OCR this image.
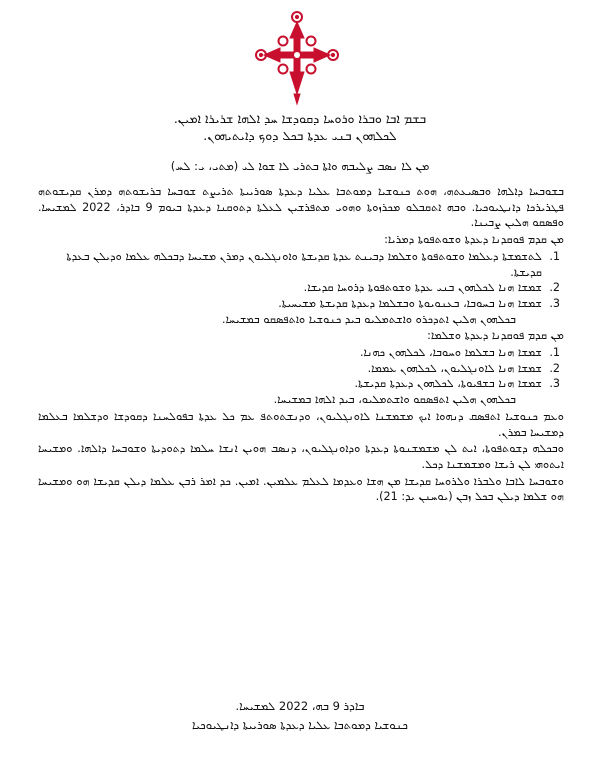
ܒܫܡ ܐܒܐ ܘܒܪܐ ܘܪܘܚܐ ܕܩܘܕܫܐ ܚܕ ܐܠܗܐ ܫܪܝܪܐ ܐܡܝܢ.
ܠܟܠܗܘܢ ܒܢܝ ܥܕܬܐ ܒܟܠ ܕܘܟ ܕܐܝܬܝܗܘܢ.
ܡܢ ܠܐ ܢܣܒ ܨܠܝܒܗ ܘܐܬܐ ܒܬܪܝ ܠܐ ܫܘܐ ܠܝ (ܡܬܝ، ܝ: ܠܚ)

ܒܫܘܒܚܐ ܕܐܠܗܐ ܘܒܣܝܥܬܗ، ܗܘܬ ܟܢܘܫܝܐ ܕܡܘܬܒܐ ܥܠܝܐ ܕܥܕܬܐ ܣܘܪܝܝܬܐ ܬܪܝܨܬ ܫܘܒܚܐ ܒܪܝܫܘܬܗ ܕܡܪܢ ܩܕܝܫܘܬܗ ܦܛܪܝܪܟܐ ܕܐܢܛܝܘܟܝܐ. ܘܒܗ ܐܬܩܒܠܘ ܡܟܪܙܘܬܐ ܘܗܘܝ ܡܬܦܪܫܝܢ ܠܥܠܬܐ ܕܬܘܩܢܐ ܕܥܕܬܐ ܒܝܘܡ 9 ܒܐܕܪ، 2022 ܠܡܫܝܚܐ. ܘܦܣܩܘ ܗܠܝܢ ܨܒܝܢܐ.

ܡܢ ܩܕܡ ܦܘܩܕܢܐ ܕܥܕܬܐ ܘܫܘܬܦܘܬܐ ܕܡܪܝܐ:

1.
ܠܬܫܡܫܬܐ ܕܥܠܡܐ ܘܫܘܬܦܘܬܐ ܘܫܠܡܐ ܕܒܝܢܬ ܥܕܬܐ ܩܕܝܫܬܐ ܘܐܘܢܓܠܝܘܢ ܕܡܪܢ ܡܫܝܚܐ ܕܒܟܠܗ ܥܠܡܐ ܘܕܝܠܢ ܒܥܕܬܐ ܩܕܝܫܬܐ.
2.
ܫܡܫܐ ܗܢܐ ܠܟܠܗܘܢ ܒܢܝ ܥܕܬܐ ܘܫܘܬܦܘܬܐ ܕܪܘܚܐ ܩܕܝܫܐ.
3.
ܫܡܫܐ ܗܢܐ ܒܚܘܒܐ، ܒܥܢܘܝܘܬܐ ܘܒܫܠܡܐ ܕܥܕܬܐ ܩܕܝܫܬܐ ܡܫܝܚܝܬܐ.

ܒܟܠܗܘܢ ܗܠܝܢ ܐܬܕܟܪܘ ܘܐܫܬܡܠܝܘ ܒܝܕ ܟܢܘܫܝܐ ܘܐܬܦܣܩܘ ܒܡܫܝܚܐ.

ܡܢ ܩܕܡ ܦܘܩܕܢܐ ܕܥܕܬܐ ܘܫܠܡܐ:

1.
ܫܡܫܐ ܗܢܐ ܒܫܠܡܐ ܘܚܘܒܐ، ܠܟܠܗܘܢ ܟܗܢܐ.
2.
ܫܡܫܐ ܗܢܐ ܠܐܘܢܓܠܝܘܢ، ܠܟܠܗܘܢ ܥܡܡܐ.
3.
ܫܡܫܐ ܗܢܐ ܒܫܦܝܘܬܐ، ܠܟܠܗܘܢ ܕܥܕܬܐ ܩܕܝܫܬܐ.

ܒܟܠܗܘܢ ܗܠܝܢ ܐܬܦܣܩܘ ܘܐܫܬܡܠܝܘ، ܒܝܕ ܐܠܗܐ ܒܡܫܝܚܐ.

ܘܥܡ ܟܢܘܫܝܐ ܐܬܦܣܩ ܕܢܗܘܐ ܐܝܟ ܡܫܡܫܢܐ ܠܐܘܢܓܠܝܘܢ، ܘܕܢܫܬܘܬܦ ܥܡ ܟܠ ܥܕܬܐ ܒܦܘܠܚܢܐ ܕܩܘܕܫܐ ܘܕܫܠܡܐ ܒܥܠܡܐ ܕܡܫܝܚܐ ܒܡܪܢ.

ܘܒܟܠܗ ܕܫܘܬܦܘܬܐ، ܐܝܬ ܠܢ ܡܫܡܫܢܘܬܐ ܕܥܕܬܐ ܘܕܐܘܢܓܠܝܘܢ، ܕܢܣܒ ܗܘܝܢ ܐܢܫܐ ܚܠܡܐ ܕܬܘܕܝܬܐ ܘܫܘܒܚܐ ܕܐܠܗܐ. ܘܡܫܝܚܐ ܐܝܬܘܗܝ ܠܢ ܪܝܫܐ ܘܡܫܡܫܢܐ ܕܟܠ.

ܘܫܘܒܚܐ ܠܐܒܐ ܘܠܒܪܐ ܘܠܪܘܚܐ ܩܕܝܫܐ ܡܢ ܗܫܐ ܘܥܕܡܐ ܠܥܠܡ ܥܠܡܝܢ. ܐܡܝܢ. ܟܕ ܐܡܪ ܪܒܢ ܥܠܡܐ ܕܝܠܢ ܩܕܝܫܐ ܗܘ ܘܡܫܝܚܐ ܗܘ ܫܠܡܐ ܕܝܠܢ ܒܟܠ ܙܒܢ (ܝܘܚܢܢ ܝܕ: 21).

ܒܐܕܪ 9 ܒܗ، 2022 ܠܡܫܝܚܐ.
ܟܢܘܫܝܐ ܕܡܘܬܒܐ ܥܠܝܐ ܕܥܕܬܐ ܣܘܪܝܝܬܐ ܕܐܢܛܝܘܟܝܐ
